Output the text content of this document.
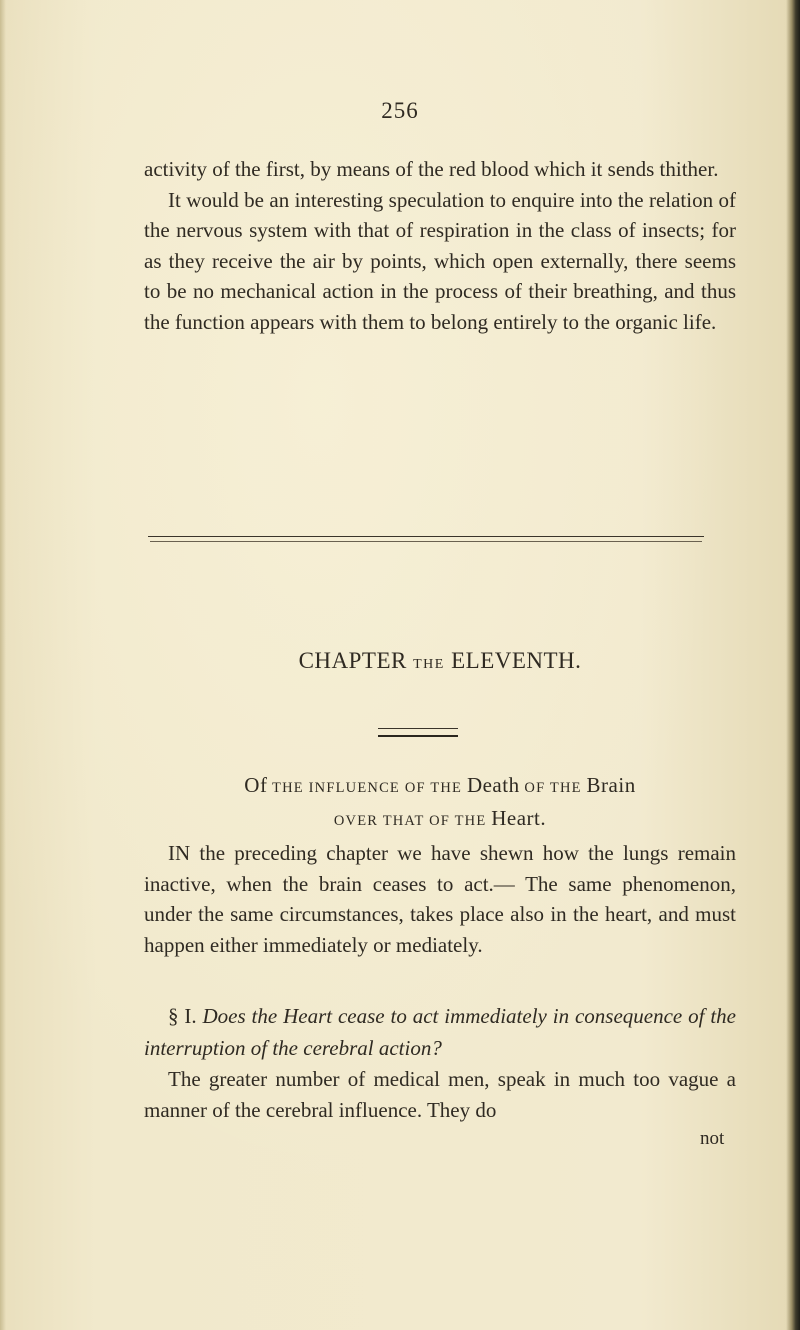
256

activity of the first, by means of the red blood which it sends thither.

It would be an interesting speculation to enquire into the relation of the nervous system with that of respiration in the class of insects; for as they receive the air by points, which open externally, there seems to be no mechanical action in the process of their breathing, and thus the function appears with them to belong entirely to the organic life.

CHAPTER THE ELEVENTH.
Of THE INFLUENCE OF THE Death OF THE Brain
OVER THAT OF THE Heart.

IN the preceding chapter we have shewn how the lungs remain inactive, when the brain ceases to act.— The same phenomenon, under the same circumstances, takes place also in the heart, and must happen either immediately or mediately.

§ I. Does the Heart cease to act immediately in consequence of the interruption of the cerebral action?

The greater number of medical men, speak in much too vague a manner of the cerebral influence. They do

not
